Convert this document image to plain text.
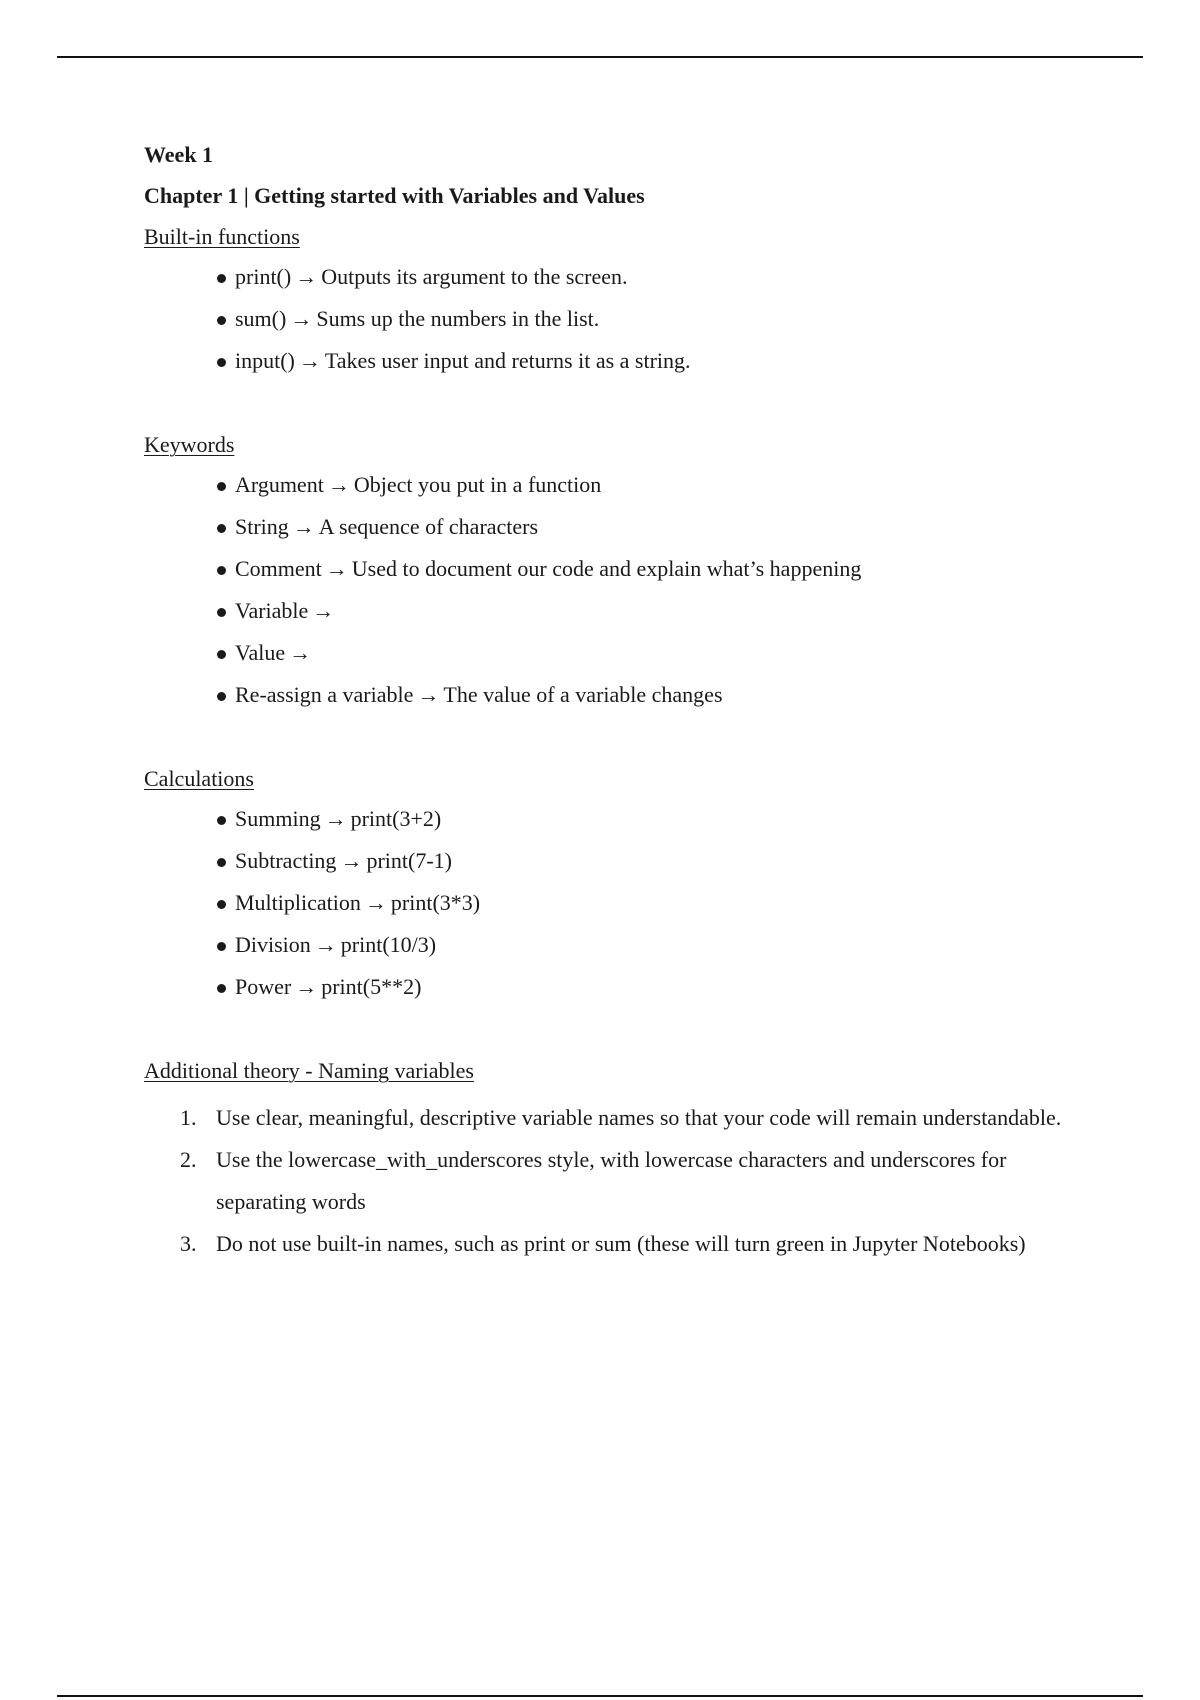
Week 1

Chapter 1 | Getting started with Variables and Values

Built-in functions
print() → Outputs its argument to the screen.
sum() → Sums up the numbers in the list.
input() → Takes user input and returns it as a string.
Keywords
Argument → Object you put in a function
String → A sequence of characters
Comment → Used to document our code and explain what’s happening
Variable →
Value →
Re-assign a variable → The value of a variable changes
Calculations
Summing → print(3+2)
Subtracting → print(7-1)
Multiplication → print(3*3)
Division → print(10/3)
Power → print(5**2)
Additional theory - Naming variables
1. Use clear, meaningful, descriptive variable names so that your code will remain understandable.
2. Use the lowercase_with_underscores style, with lowercase characters and underscores for separating words
3. Do not use built-in names, such as print or sum (these will turn green in Jupyter Notebooks)
